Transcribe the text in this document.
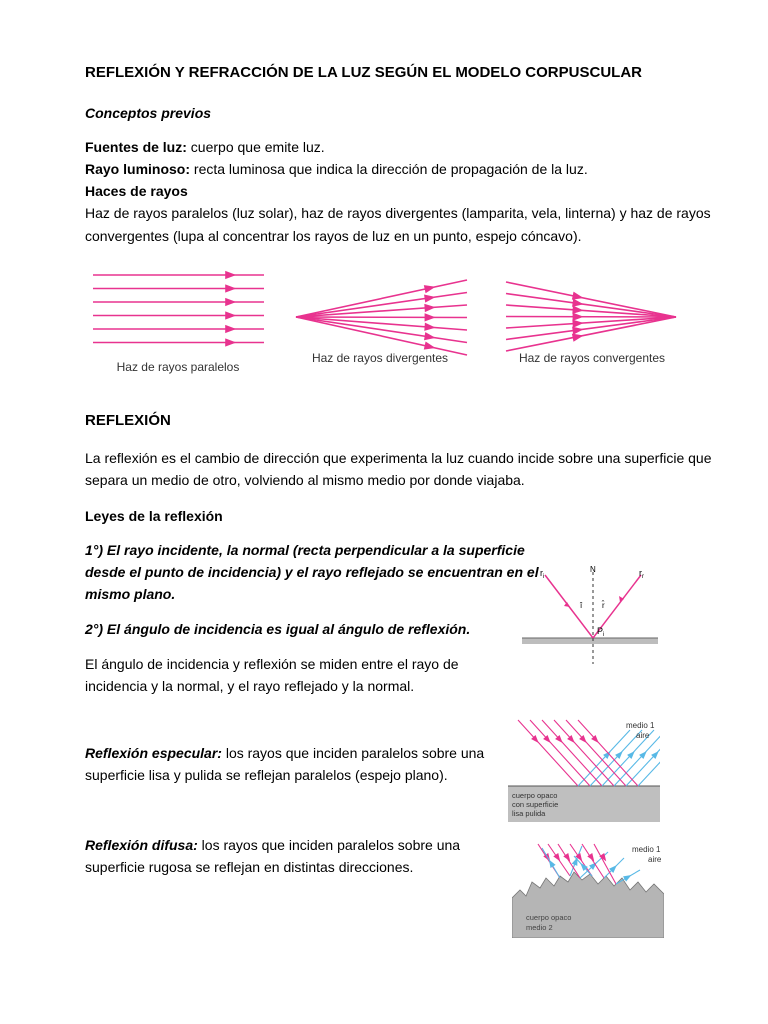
REFLEXIÓN Y REFRACCIÓN DE LA LUZ SEGÚN EL MODELO CORPUSCULAR

Conceptos previos

Fuentes de luz: cuerpo que emite luz.

Rayo luminoso: recta luminosa que indica la dirección de propagación de la luz.

Haces de rayos

Haz de rayos paralelos (luz solar), haz de rayos divergentes (lamparita, vela, linterna) y haz de rayos

convergentes (lupa al concentrar los rayos de luz en un punto, espejo cóncavo).

Haz de rayos paralelos
Haz de rayos divergentes	Haz de rayos convergentes
REFLEXIÓN

La reflexión es el cambio de dirección que experimenta la luz cuando incide sobre una superficie que

separa un medio de otro, volviendo al mismo medio por donde viajaba.

Leyes de la reflexión

1°) El rayo incidente, la normal (recta perpendicular a la superficie

desde el punto de incidencia) y el rayo reflejado se encuentran en el

mismo plano.

2°) El ángulo de incidencia es igual al ángulo de reflexión.

El ángulo de incidencia y reflexión se miden entre el rayo de

incidencia y la normal, y el rayo reflejado y la normal.

$r_i$
N	$r_r$
î r̂
$P_i$

Reflexión especular: los rayos que inciden paralelos sobre una

superficie lisa y pulida se reflejan paralelos (espejo plano).

medio 1
aire
cuerpo opaco
con superficie
lisa pulida

Reflexión difusa: los rayos que inciden paralelos sobre una

superficie rugosa se reflejan en distintas direcciones.

medio 1
aire
cuerpo opaco
medio 2
